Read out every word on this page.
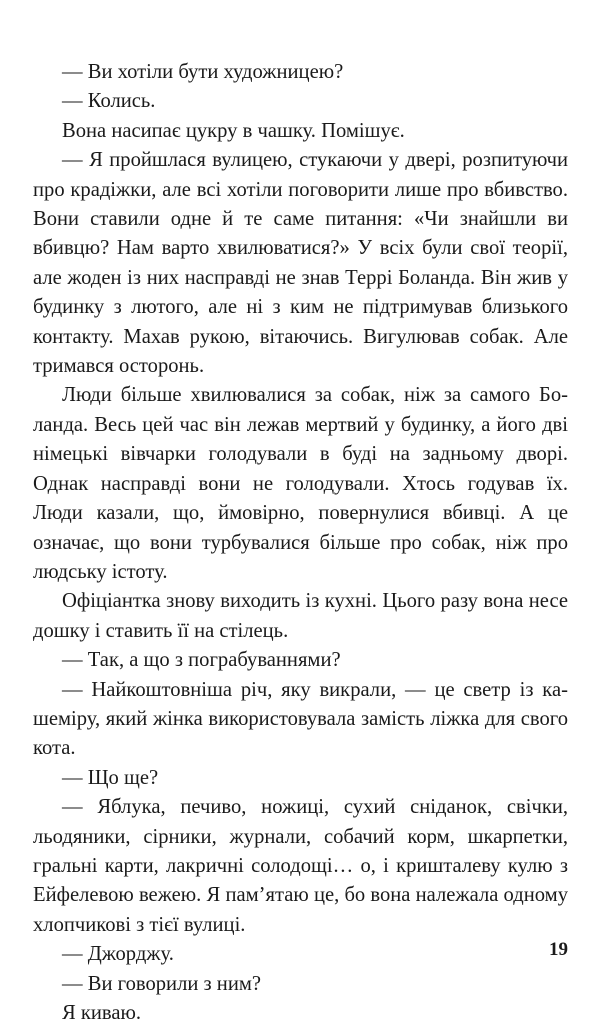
— Ви хотіли бути художницею?

— Колись.

Вона насипає цукру в чашку. Помішує.

— Я пройшлася вулицею, стукаючи у двері, розпитуючи про крадіжки, але всі хотіли поговорити лише про вбивство. Вони ставили одне й те саме питання: «Чи знайшли ви вбивцю? Нам варто хвилюватися?» У всіх були свої теорії, але жоден із них насправді не знав Террі Боланда. Він жив у будинку з лютого, але ні з ким не підтримував близького контакту. Махав рукою, вітаючись. Вигулював собак. Але тримався осторонь.

Люди більше хвилювалися за собак, ніж за самого Боланда. Весь цей час він лежав мертвий у будинку, а його дві німецькі вівчарки голодували в буді на задньому дворі. Однак насправді вони не голодували. Хтось годував їх. Люди казали, що, ймовірно, повернулися вбивці. А це означає, що вони турбувалися більше про собак, ніж про людську істоту.

Офіціантка знову виходить із кухні. Цього разу вона несе дошку і ставить її на стілець.

— Так, а що з пограбуваннями?

— Найкоштовніша річ, яку викрали, — це светр із кашеміру, який жінка використовувала замість ліжка для свого кота.

— Що ще?

— Яблука, печиво, ножиці, сухий сніданок, свічки, льодяники, сірники, журнали, собачий корм, шкарпетки, гральні карти, лакричні солодощі… о, і кришталеву кулю з Ейфелевою вежею. Я пам’ятаю це, бо вона належала одному хлопчикові з тієї вулиці.

— Джорджу.

— Ви говорили з ним?

Я киваю.

19
